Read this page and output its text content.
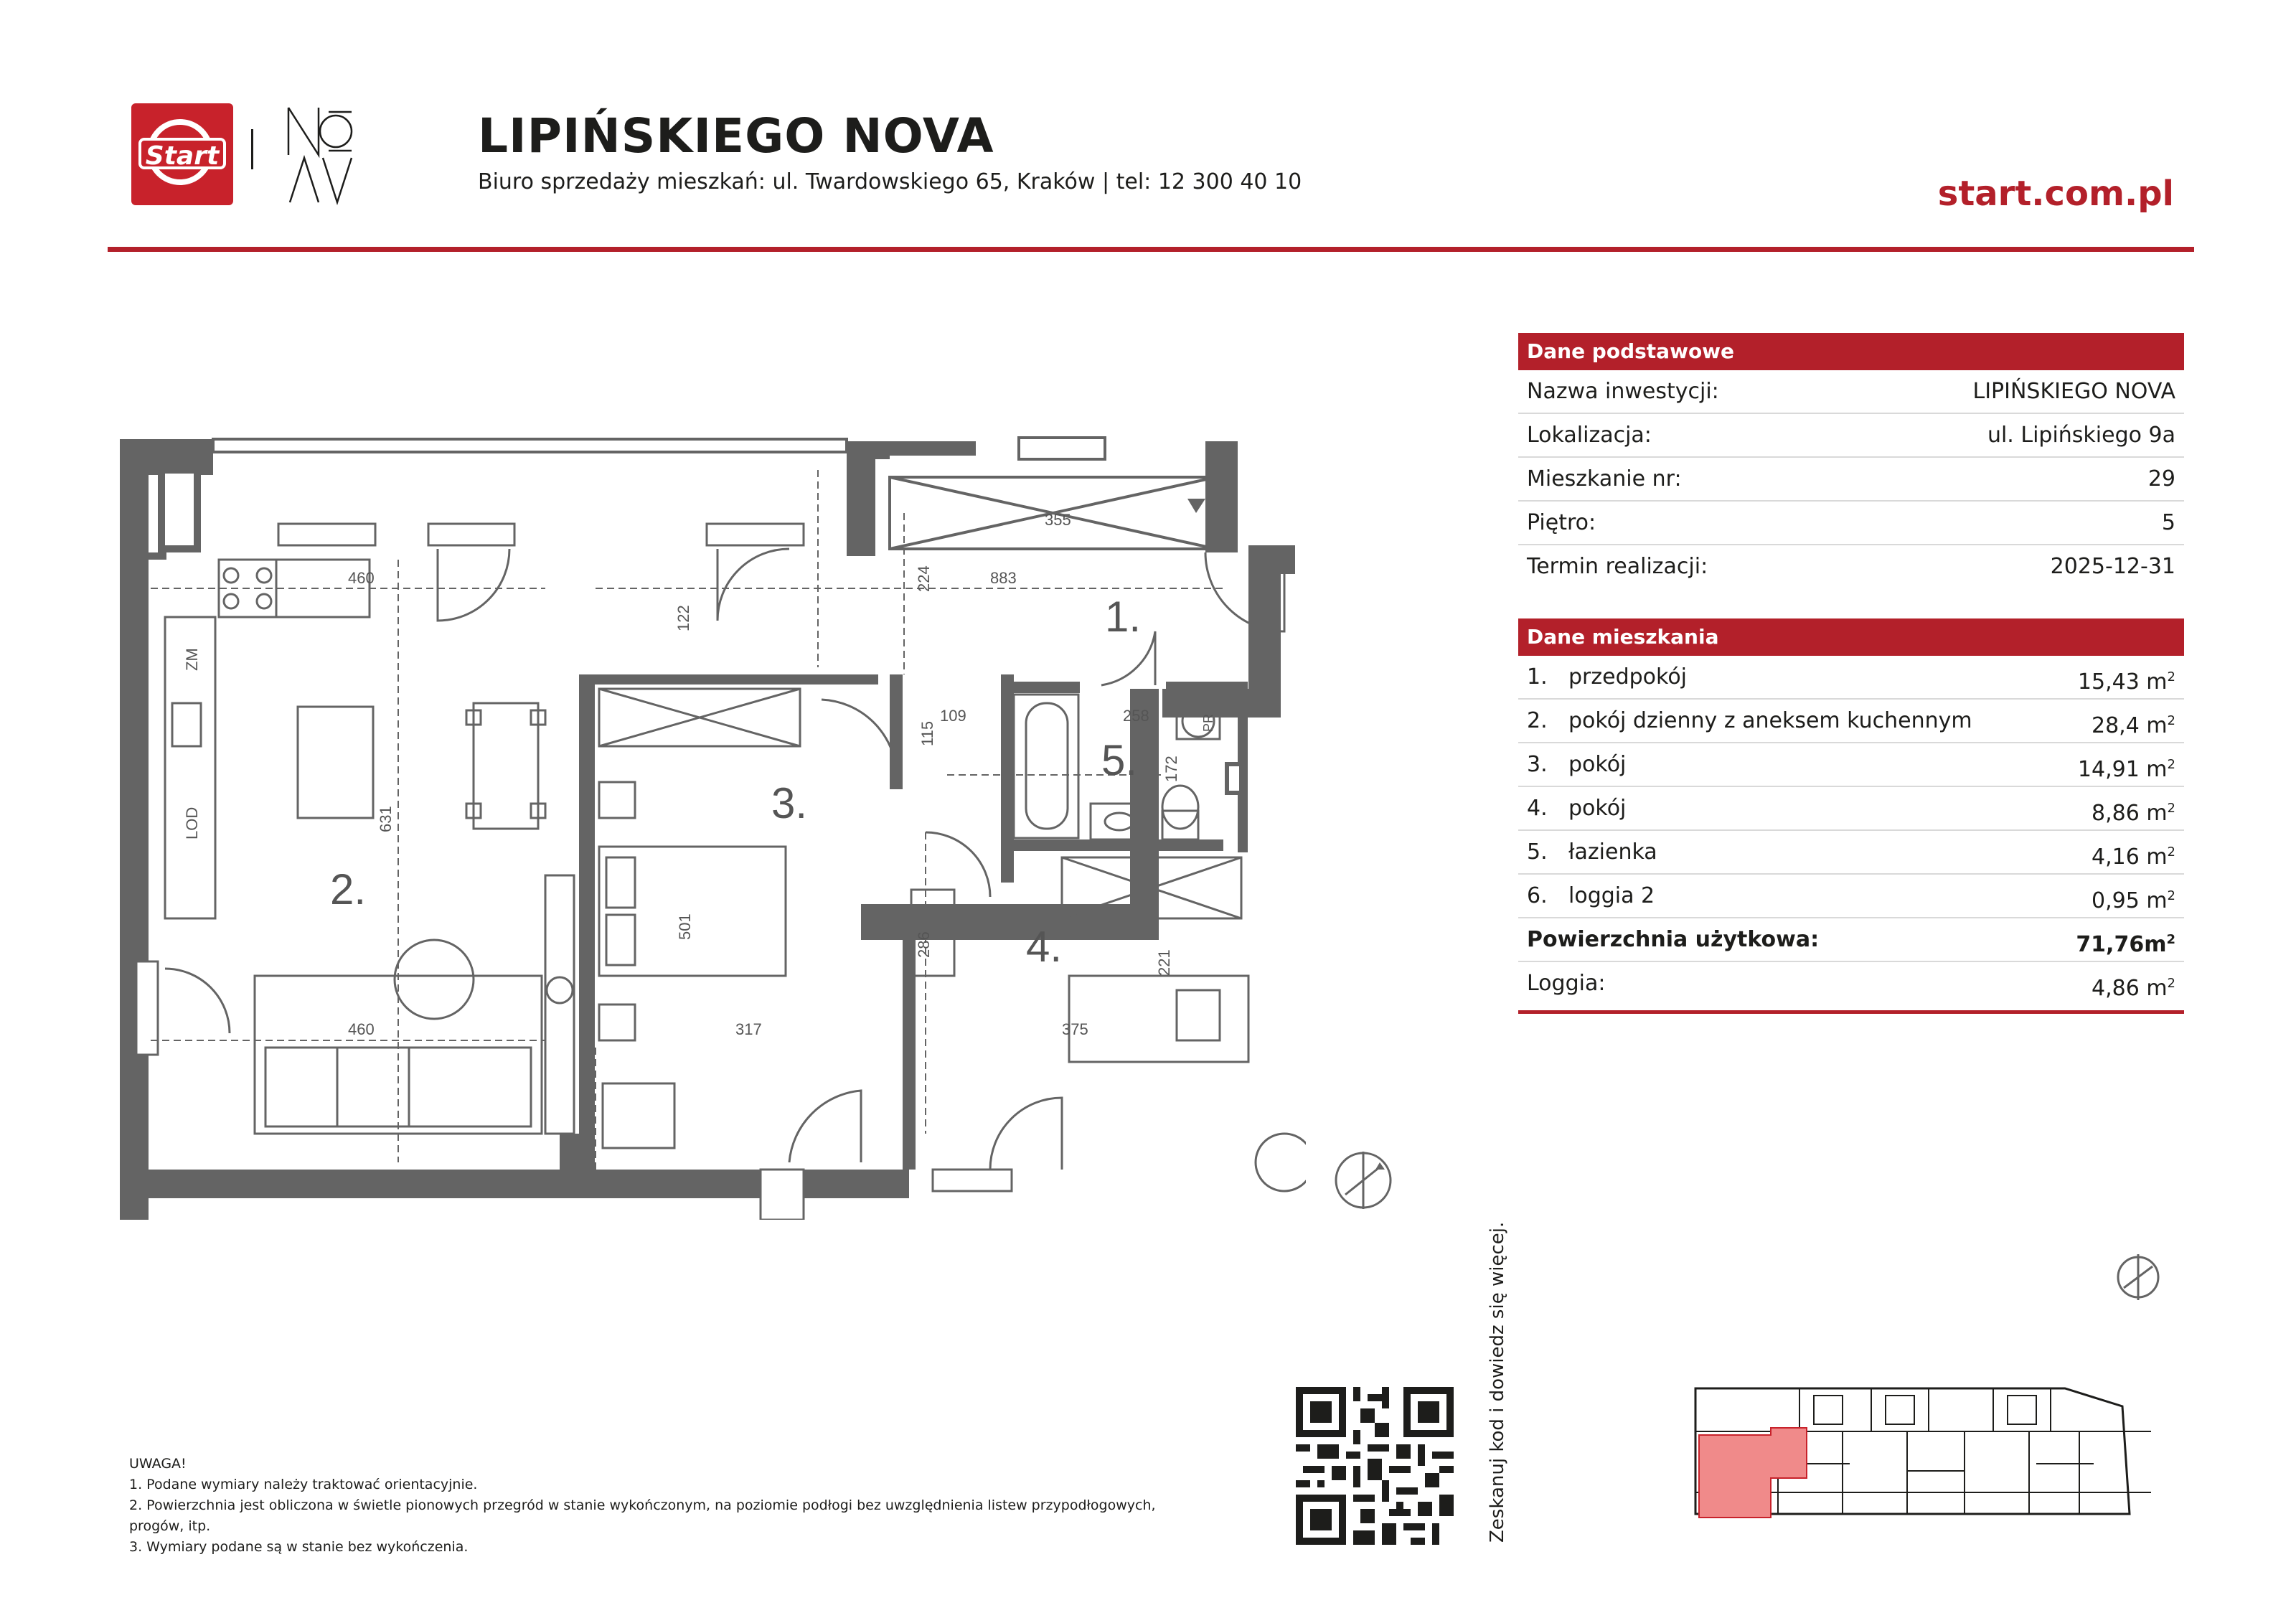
Start	LIPIŃSKIEGO NOVA
Biuro sprzedaży mieszkań: ul. Twardowskiego 65, Kraków | tel: 12 300 40 10	start.com.pl
1.
2.
3.
4.
5.
460
631
460
122
883
224
355
501
317
115
109	258
172
286
221
375
ZM
LOD
PR
Dane podstawowe
Nazwa inwestycji:	LIPIŃSKIEGO NOVA
Lokalizacja:	ul. Lipińskiego 9a
Mieszkanie nr:	29
Piętro:	5
Termin realizacji:	2025-12-31
Dane mieszkania
1. przedpokój	15,43 $m^2$
2. pokój dzienny z aneksem kuchennym	28,4 $m^2$
3. pokój	14,91 $m^2$
4. pokój	8,86 $m^2$
5. łazienka	4,16 $m^2$
6. loggia 2	0,95 $m^2$
Powierzchnia użytkowa:	$71,76m^2$
Loggia:	4,86 $m^2$
UWAGA!
1. Podane wymiary należy traktować orientacyjnie.
2. Powierzchnia jest obliczona w świetle pionowych przegród w stanie wykończonym, na poziomie podłogi bez uwzględnienia listew przypodłogowych,
progów, itp.
3. Wymiary podane są w stanie bez wykończenia.
Zeskanuj kod i dowiedz się więcej.
